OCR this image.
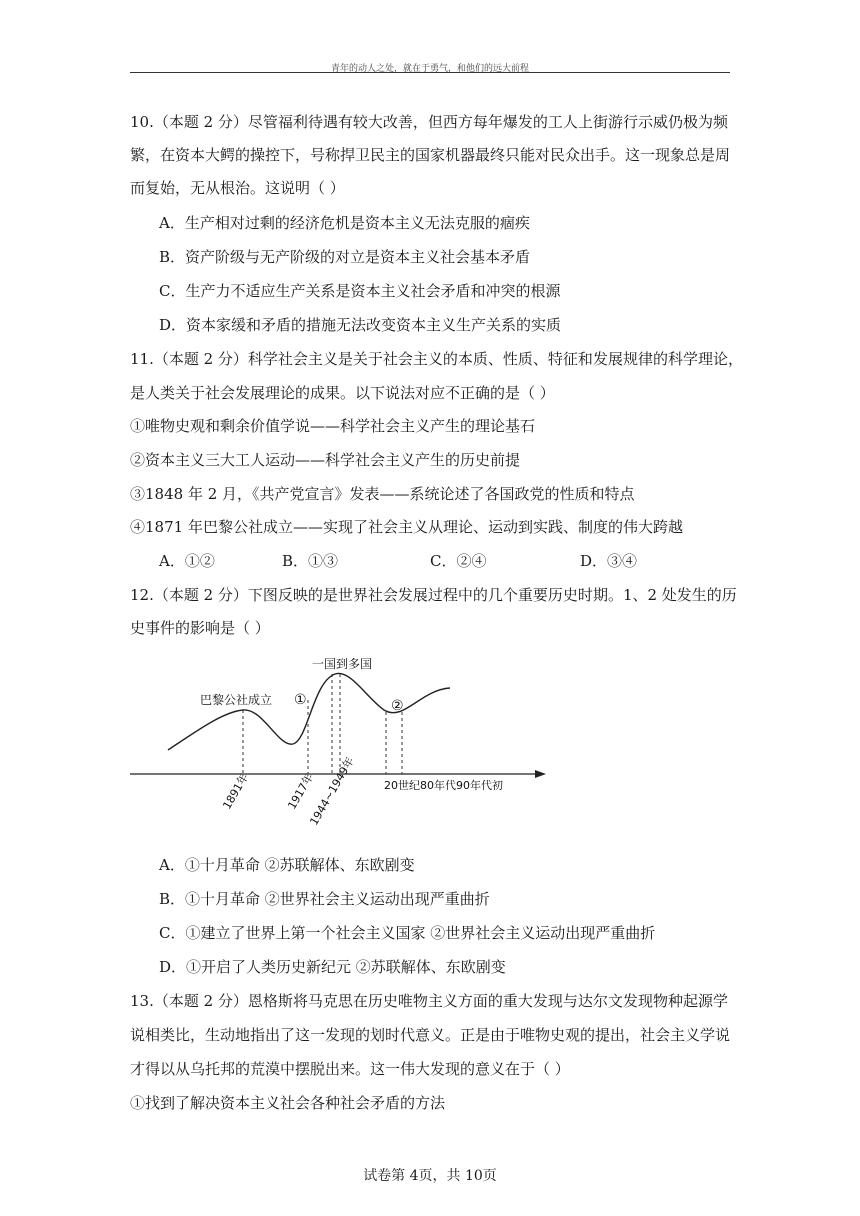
青年的动人之处，就在于勇气，和他们的远大前程
10.（本题 2 分）尽管福利待遇有较大改善，但西方每年爆发的工人上街游行示威仍极为频
繁，在资本大鳄的操控下，号称捍卫民主的国家机器最终只能对民众出手。这一现象总是周
而复始，无从根治。这说明（ ）
A．生产相对过剩的经济危机是资本主义无法克服的痼疾
B．资产阶级与无产阶级的对立是资本主义社会基本矛盾
C．生产力不适应生产关系是资本主义社会矛盾和冲突的根源
D．资本家缓和矛盾的措施无法改变资本主义生产关系的实质
11.（本题 2 分）科学社会主义是关于社会主义的本质、性质、特征和发展规律的科学理论，
是人类关于社会发展理论的成果。以下说法对应不正确的是（ ）
①唯物史观和剩余价值学说——科学社会主义产生的理论基石
②资本主义三大工人运动——科学社会主义产生的历史前提
③1848 年 2 月，《共产党宣言》发表——系统论述了各国政党的性质和特点
④1871 年巴黎公社成立——实现了社会主义从理论、运动到实践、制度的伟大跨越
A．①②	B．①③	C．②④	D．③④
12.（本题 2 分）下图反映的是世界社会发展过程中的几个重要历史时期。1、2 处发生的历
史事件的影响是（ ）
巴黎公社成立
一国到多国
①	②
1891年	1917年
1944~1949年 20世纪80年代90年代初
A．①十月革命 ②苏联解体、东欧剧变
B．①十月革命 ②世界社会主义运动出现严重曲折
C．①建立了世界上第一个社会主义国家 ②世界社会主义运动出现严重曲折
D．①开启了人类历史新纪元 ②苏联解体、东欧剧变
13.（本题 2 分）恩格斯将马克思在历史唯物主义方面的重大发现与达尔文发现物种起源学
说相类比，生动地指出了这一发现的划时代意义。正是由于唯物史观的提出，社会主义学说
才得以从乌托邦的荒漠中摆脱出来。这一伟大发现的意义在于（ ）
①找到了解决资本主义社会各种社会矛盾的方法
试卷第 4页，共 10页
